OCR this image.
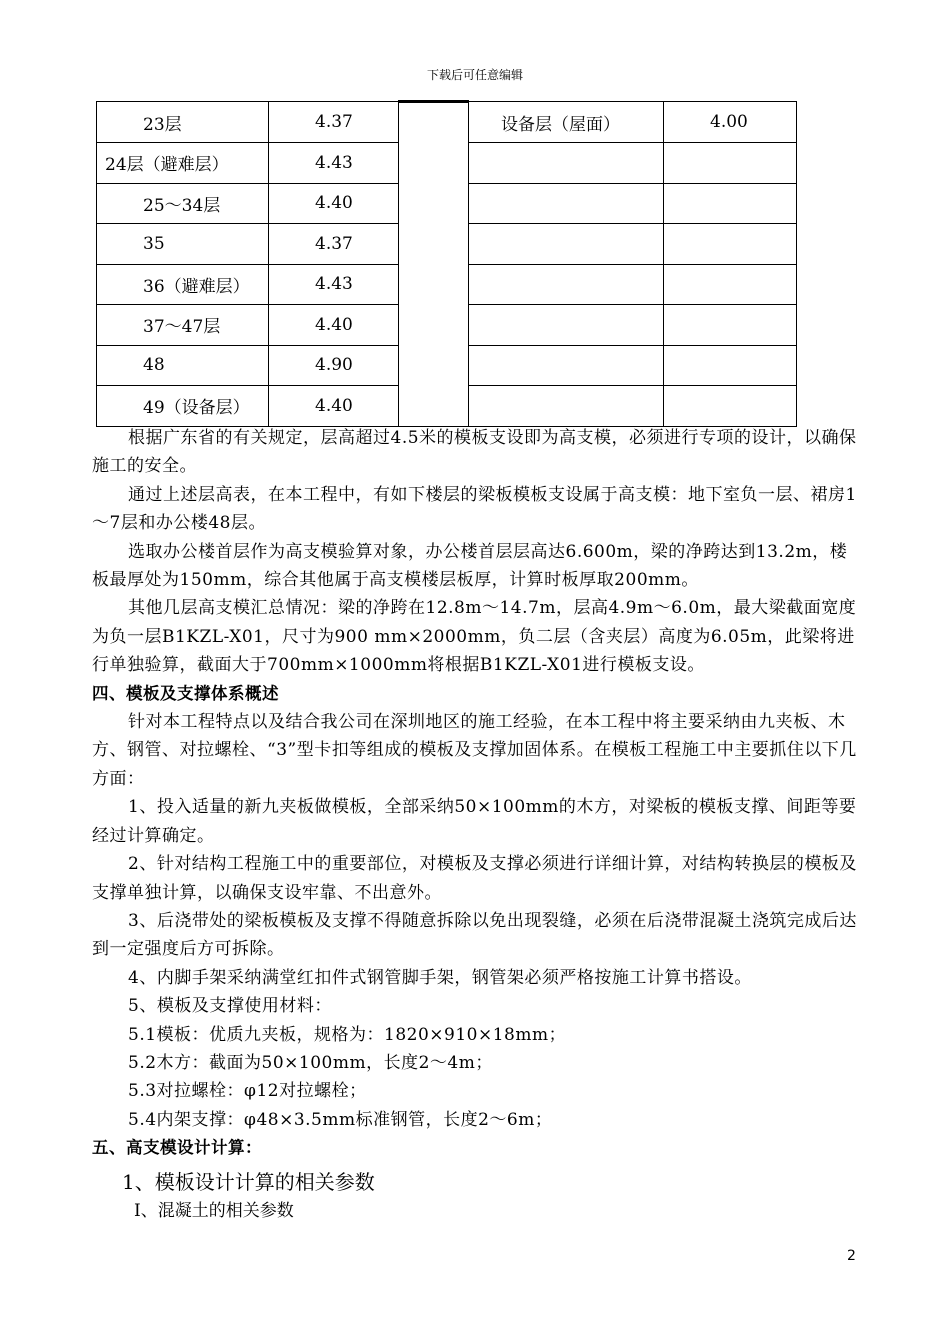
下载后可任意编辑
23层	4.37		设备层（屋面）	4.00
24层（避难层）	4.43			
25～34层	4.40			
35	4.37			
36（避难层）	4.43			
37～47层	4.40			
48	4.90			
49（设备层）	4.40			

根据广东省的有关规定，层高超过4.5米的模板支设即为高支模，必须进行专项的设计，以确保施工的安全。

通过上述层高表，在本工程中，有如下楼层的梁板模板支设属于高支模：地下室负一层、裙房1～7层和办公楼48层。

选取办公楼首层作为高支模验算对象，办公楼首层层高达6.600m，梁的净跨达到13.2m，楼板最厚处为150mm，综合其他属于高支模楼层板厚，计算时板厚取200mm。

其他几层高支模汇总情况：梁的净跨在12.8m～14.7m，层高4.9m～6.0m，最大梁截面宽度为负一层B1KZL-X01，尺寸为900 mm×2000mm，负二层（含夹层）高度为6.05m，此梁将进行单独验算，截面大于700mm×1000mm将根据B1KZL-X01进行模板支设。

四、模板及支撑体系概述

针对本工程特点以及结合我公司在深圳地区的施工经验，在本工程中将主要采纳由九夹板、木方、钢管、对拉螺栓、“3”型卡扣等组成的模板及支撑加固体系。在模板工程施工中主要抓住以下几方面：

1、投入适量的新九夹板做模板，全部采纳50×100mm的木方，对梁板的模板支撑、间距等要经过计算确定。

2、针对结构工程施工中的重要部位，对模板及支撑必须进行详细计算，对结构转换层的模板及支撑单独计算，以确保支设牢靠、不出意外。

3、后浇带处的梁板模板及支撑不得随意拆除以免出现裂缝，必须在后浇带混凝土浇筑完成后达到一定强度后方可拆除。

4、内脚手架采纳满堂红扣件式钢管脚手架，钢管架必须严格按施工计算书搭设。

5、模板及支撑使用材料：

5.1模板：优质九夹板，规格为：1820×910×18mm；

5.2木方：截面为50×100mm，长度2～4m；

5.3对拉螺栓：φ12对拉螺栓；

5.4内架支撑：φ48×3.5mm标准钢管，长度2～6m；

五、高支模设计计算：

1、模板设计计算的相关参数

Ⅰ、混凝土的相关参数

2
